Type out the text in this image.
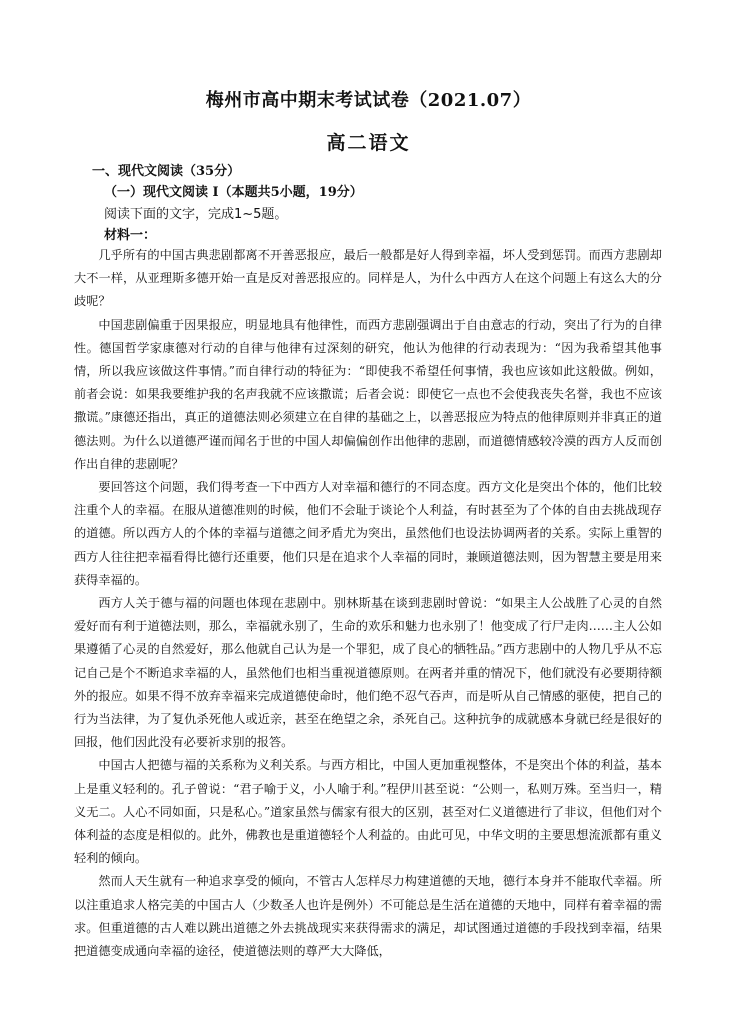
梅州市高中期末考试试卷（2021.07）
高二语文
一、现代文阅读（35分）
（一）现代文阅读 I（本题共5小题，19分）
阅读下面的文字，完成1~5题。
材料一：

几乎所有的中国古典悲剧都离不开善恶报应，最后一般都是好人得到幸福，坏人受到惩罚。而西方悲剧却大不一样，从亚理斯多德开始一直是反对善恶报应的。同样是人，为什么中西方人在这个问题上有这么大的分歧呢？

中国悲剧偏重于因果报应，明显地具有他律性，而西方悲剧强调出于自由意志的行动，突出了行为的自律性。德国哲学家康德对行动的自律与他律有过深刻的研究，他认为他律的行动表现为：“因为我希望其他事情，所以我应该做这件事情。”而自律行动的特征为：“即使我不希望任何事情，我也应该如此这般做。例如，前者会说：如果我要维护我的名声我就不应该撒谎；后者会说：即使它一点也不会使我丧失名誉，我也不应该撒谎。”康德还指出，真正的道德法则必须建立在自律的基础之上，以善恶报应为特点的他律原则并非真正的道德法则。为什么以道德严谨而闻名于世的中国人却偏偏创作出他律的悲剧，而道德情感较冷漠的西方人反而创作出自律的悲剧呢？

要回答这个问题，我们得考查一下中西方人对幸福和德行的不同态度。西方文化是突出个体的，他们比较注重个人的幸福。在服从道德准则的时候，他们不会耻于谈论个人利益，有时甚至为了个体的自由去挑战现存的道德。所以西方人的个体的幸福与道德之间矛盾尤为突出，虽然他们也设法协调两者的关系。实际上重智的西方人往往把幸福看得比德行还重要，他们只是在追求个人幸福的同时，兼顾道德法则，因为智慧主要是用来获得幸福的。

西方人关于德与福的问题也体现在悲剧中。别林斯基在谈到悲剧时曾说：“如果主人公战胜了心灵的自然爱好而有利于道德法则，那么，幸福就永别了，生命的欢乐和魅力也永别了！他变成了行尸走肉……主人公如果遵循了心灵的自然爱好，那么他就自己认为是一个罪犯，成了良心的牺牲品。”西方悲剧中的人物几乎从不忘记自己是个不断追求幸福的人，虽然他们也相当重视道德原则。在两者并重的情况下，他们就没有必要期待额外的报应。如果不得不放弃幸福来完成道德使命时，他们绝不忍气吞声，而是听从自己情感的驱使，把自己的行为当法律，为了复仇杀死他人或近亲，甚至在绝望之余，杀死自己。这种抗争的成就感本身就已经是很好的回报，他们因此没有必要祈求别的报答。

中国古人把德与福的关系称为义利关系。与西方相比，中国人更加重视整体，不是突出个体的利益，基本上是重义轻利的。孔子曾说：“君子喻于义，小人喻于利。”程伊川甚至说：“公则一，私则万殊。至当归一，精义无二。人心不同如面，只是私心。”道家虽然与儒家有很大的区别，甚至对仁义道德进行了非议，但他们对个体利益的态度是相似的。此外，佛教也是重道德轻个人利益的。由此可见，中华文明的主要思想流派都有重义轻利的倾向。

然而人天生就有一种追求享受的倾向，不管古人怎样尽力构建道德的天地，德行本身并不能取代幸福。所以注重追求人格完美的中国古人（少数圣人也许是例外）不可能总是生活在道德的天地中，同样有着幸福的需求。但重道德的古人难以跳出道德之外去挑战现实来获得需求的满足，却试图通过道德的手段找到幸福，结果把道德变成通向幸福的途径，使道德法则的尊严大大降低，
